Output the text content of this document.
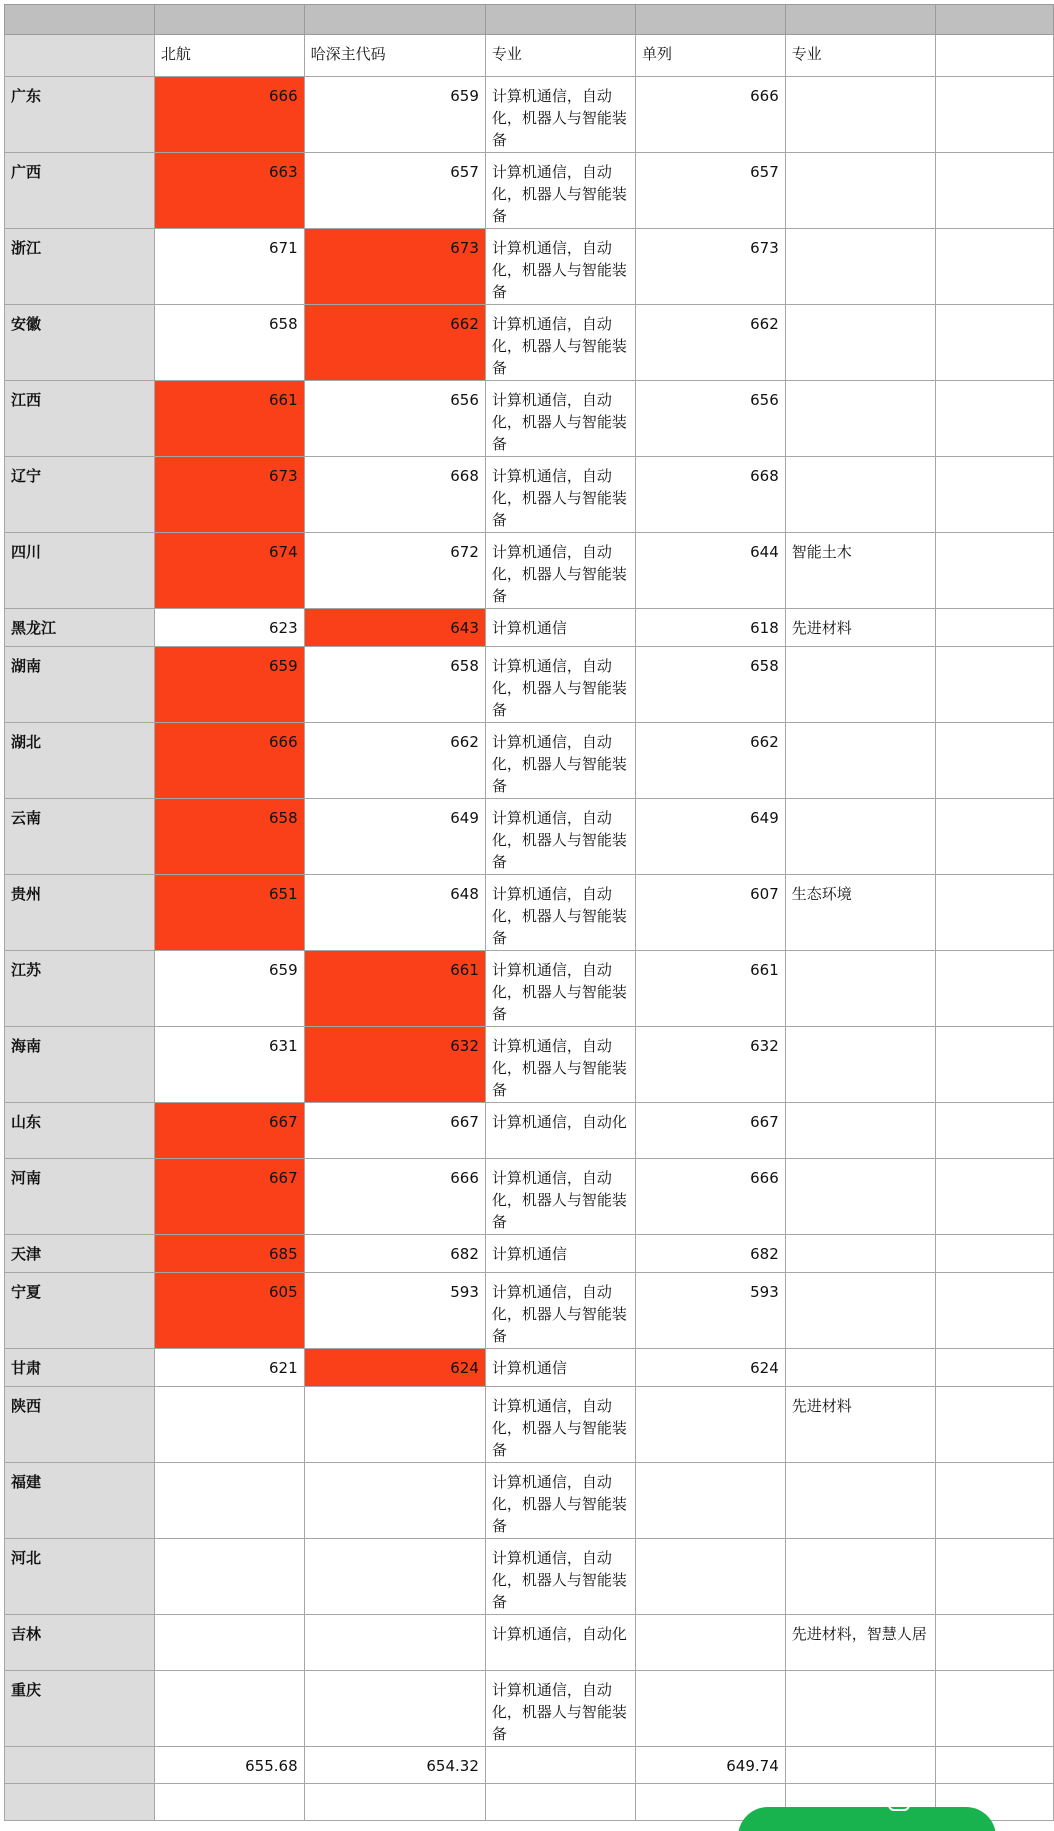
	北航	哈深主代码	专业	单列	专业	
广东	666	659	计算机通信，自动化，机器人与智能装备	666		
广西	663	657	计算机通信，自动化，机器人与智能装备	657		
浙江	671	673	计算机通信，自动化，机器人与智能装备	673		
安徽	658	662	计算机通信，自动化，机器人与智能装备	662		
江西	661	656	计算机通信，自动化，机器人与智能装备	656		
辽宁	673	668	计算机通信，自动化，机器人与智能装备	668		
四川	674	672	计算机通信，自动化，机器人与智能装备	644	智能土木	
黑龙江	623	643	计算机通信	618	先进材料	
湖南	659	658	计算机通信，自动化，机器人与智能装备	658		
湖北	666	662	计算机通信，自动化，机器人与智能装备	662		
云南	658	649	计算机通信，自动化，机器人与智能装备	649		
贵州	651	648	计算机通信，自动化，机器人与智能装备	607	生态环境	
江苏	659	661	计算机通信，自动化，机器人与智能装备	661		
海南	631	632	计算机通信，自动化，机器人与智能装备	632		
山东	667	667	计算机通信，自动化	667		
河南	667	666	计算机通信，自动化，机器人与智能装备	666		
天津	685	682	计算机通信	682		
宁夏	605	593	计算机通信，自动化，机器人与智能装备	593		
甘肃	621	624	计算机通信	624		
陕西			计算机通信，自动化，机器人与智能装备		先进材料	
福建			计算机通信，自动化，机器人与智能装备			
河北			计算机通信，自动化，机器人与智能装备			
吉林			计算机通信，自动化		先进材料，智慧人居	
重庆			计算机通信，自动化，机器人与智能装备			
	655.68	654.32		649.74		
